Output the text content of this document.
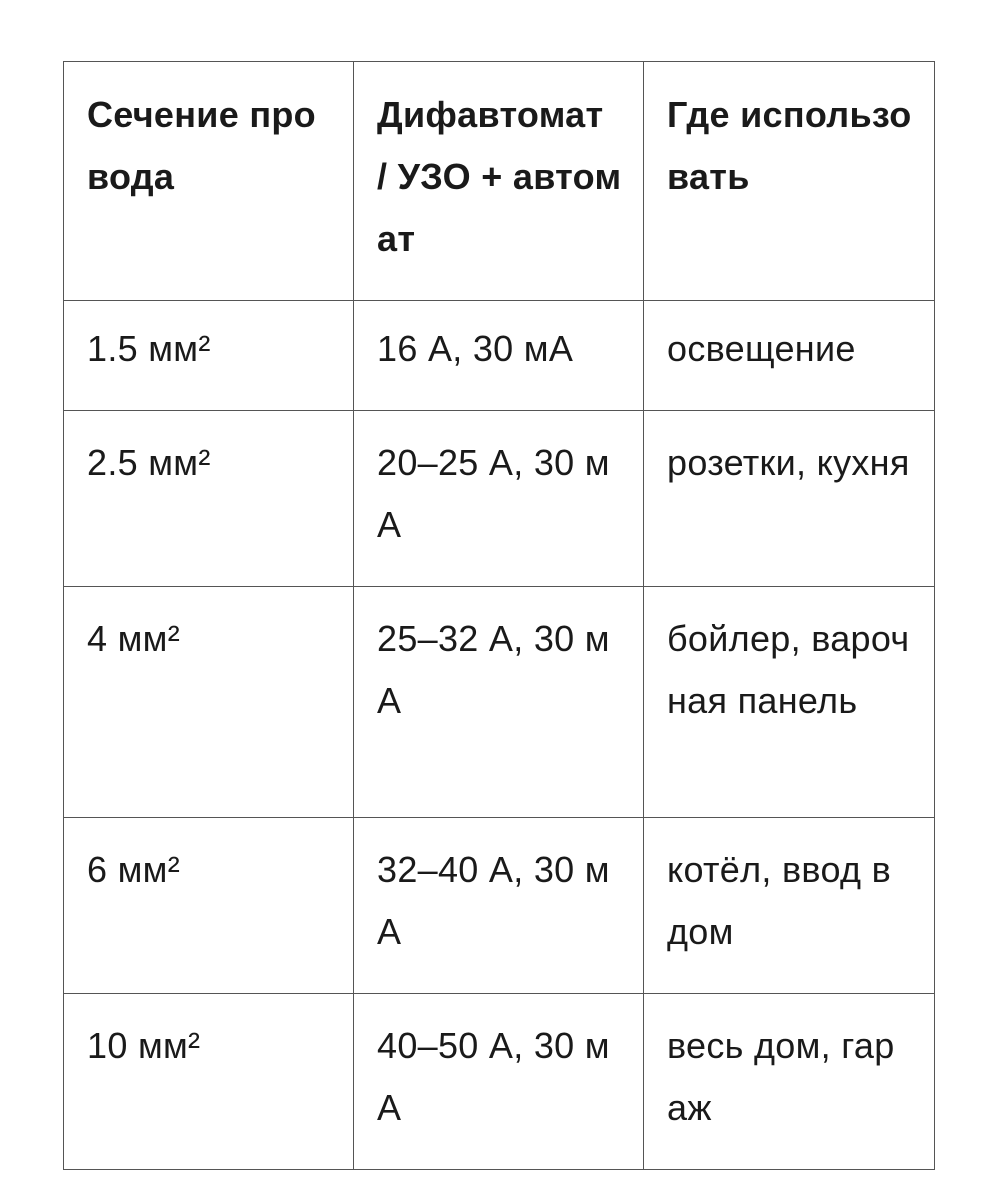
Сечение провода	Дифавтомат / УЗО + автомат	Где использовать
1.5 мм²	16 А, 30 мА	освещение
2.5 мм²	20–25 А, 30 мА	розетки, кухня
4 мм²	25–32 А, 30 мА	бойлер, варочная панель
6 мм²	32–40 А, 30 мА	котёл, ввод в дом
10 мм²	40–50 А, 30 мА	весь дом, гараж
